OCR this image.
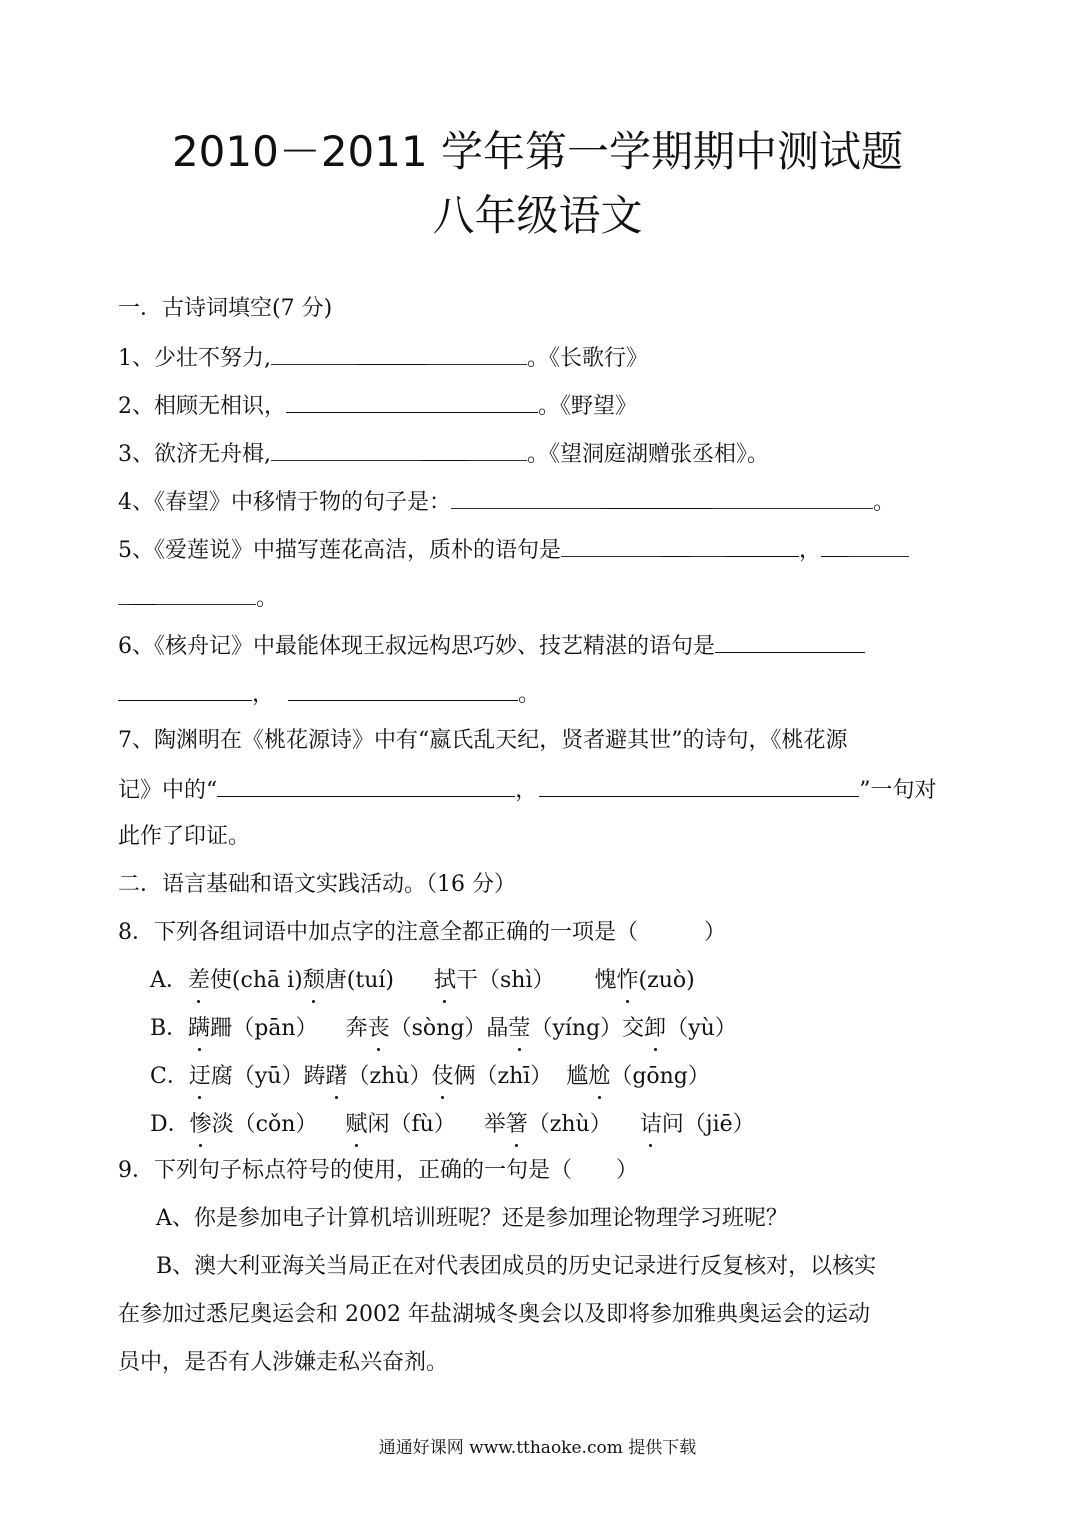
2010－2011 学年第一学期期中测试题
八年级语文
一．古诗词填空(7 分)
1、少壮不努力,	。《长歌行》
2、相顾无相识，	。《野望》
3、欲济无舟楫,	。《望洞庭湖赠张丞相》。
4、《春望》中移情于物的句子是：	。
5、《爱莲说》中描写莲花高洁，质朴的语句是	，
。
6、《核舟记》中最能体现王叔远构思巧妙、技艺精湛的语句是
，	。
7、陶渊明在《桃花源诗》中有“嬴氏乱天纪，贤者避其世”的诗句，《桃花源
记》中的“	，	”一句对
此作了印证。
二．语言基础和语文实践活动。（16 分）
8．下列各组词语中加点字的注意全都正确的一项是（　　　）
A．差使(chā i)颓唐(tuí) 拭干（shì） 愧怍(zuò)
B．蹒跚（pān） 奔丧（sòng）晶莹（yíng）交卸（yù）
C．迂腐（yū）踌躇（zhù）伎俩（zhī） 尴尬（gōng）
D．惨淡（cǒn） 赋闲（fù） 举箸（zhù） 诘问（jiē）
9．下列句子标点符号的使用，正确的一句是（　　）
A、你是参加电子计算机培训班呢？还是参加理论物理学习班呢？
B、澳大利亚海关当局正在对代表团成员的历史记录进行反复核对，以核实
在参加过悉尼奥运会和 2002 年盐湖城冬奥会以及即将参加雅典奥运会的运动
员中，是否有人涉嫌走私兴奋剂。
通通好课网 www.tthaoke.com 提供下载
